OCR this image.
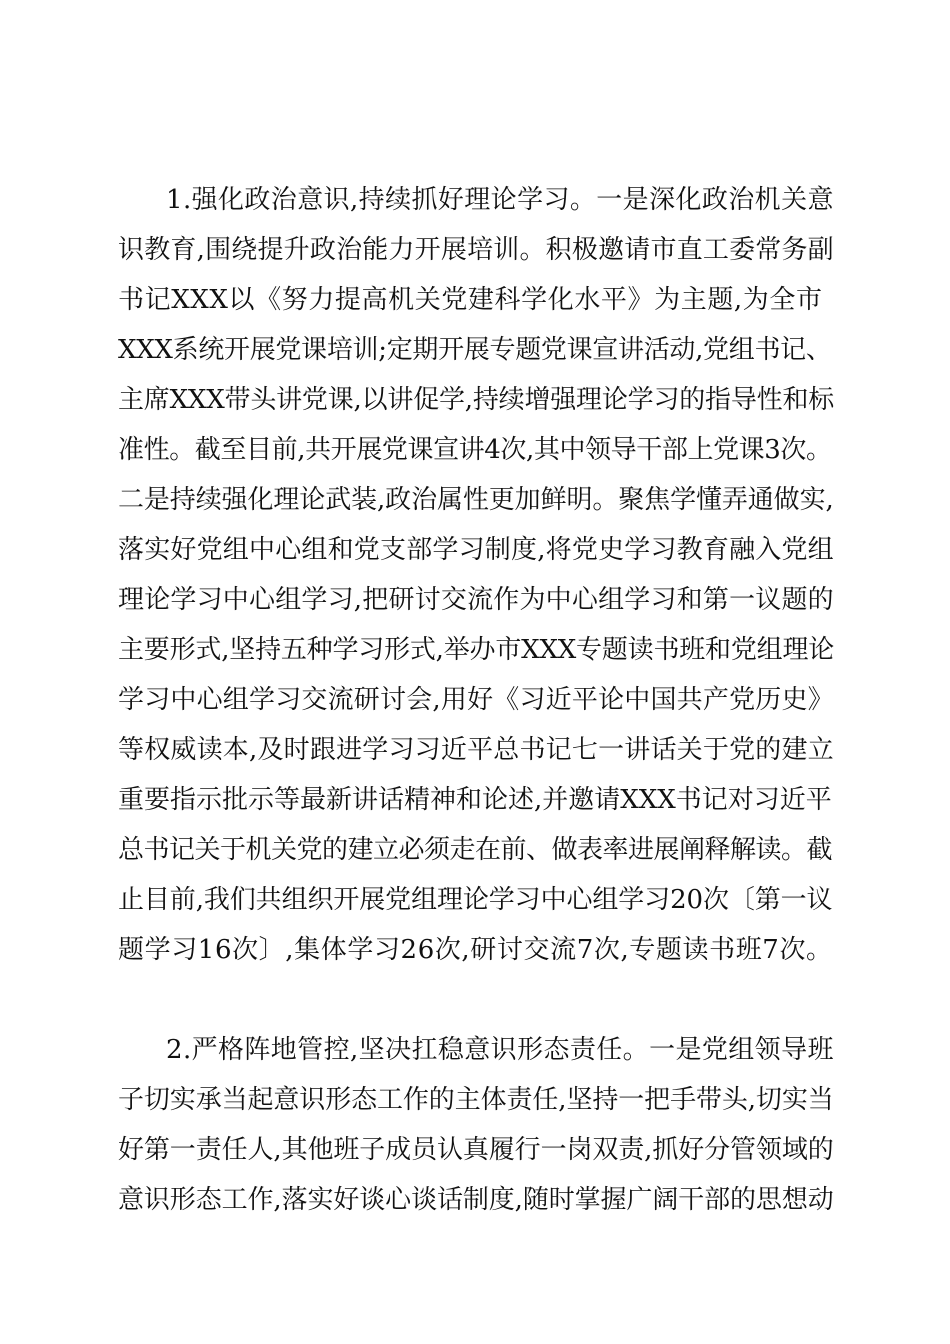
1.强化政治意识,持续抓好理论学习。一是深化政治机关意

识教育,围绕提升政治能力开展培训。积极邀请市直工委常务副

书记XXX以《努力提高机关党建科学化水平》为主题,为全市

XXX系统开展党课培训;定期开展专题党课宣讲活动,党组书记、

主席XXX带头讲党课,以讲促学,持续增强理论学习的指导性和标

准性。截至目前,共开展党课宣讲4次,其中领导干部上党课3次。

二是持续强化理论武装,政治属性更加鲜明。聚焦学懂弄通做实,

落实好党组中心组和党支部学习制度,将党史学习教育融入党组

理论学习中心组学习,把研讨交流作为中心组学习和第一议题的

主要形式,坚持五种学习形式,举办市XXX专题读书班和党组理论

学习中心组学习交流研讨会,用好《习近平论中国共产党历史》

等权威读本,及时跟进学习习近平总书记七一讲话关于党的建立

重要指示批示等最新讲话精神和论述,并邀请XXX书记对习近平

总书记关于机关党的建立必须走在前、做表率进展阐释解读。截

止目前,我们共组织开展党组理论学习中心组学习20次〔第一议

题学习16次〕,集体学习26次,研讨交流7次,专题读书班7次。

2.严格阵地管控,坚决扛稳意识形态责任。一是党组领导班

子切实承当起意识形态工作的主体责任,坚持一把手带头,切实当

好第一责任人,其他班子成员认真履行一岗双责,抓好分管领域的

意识形态工作,落实好谈心谈话制度,随时掌握广阔干部的思想动
